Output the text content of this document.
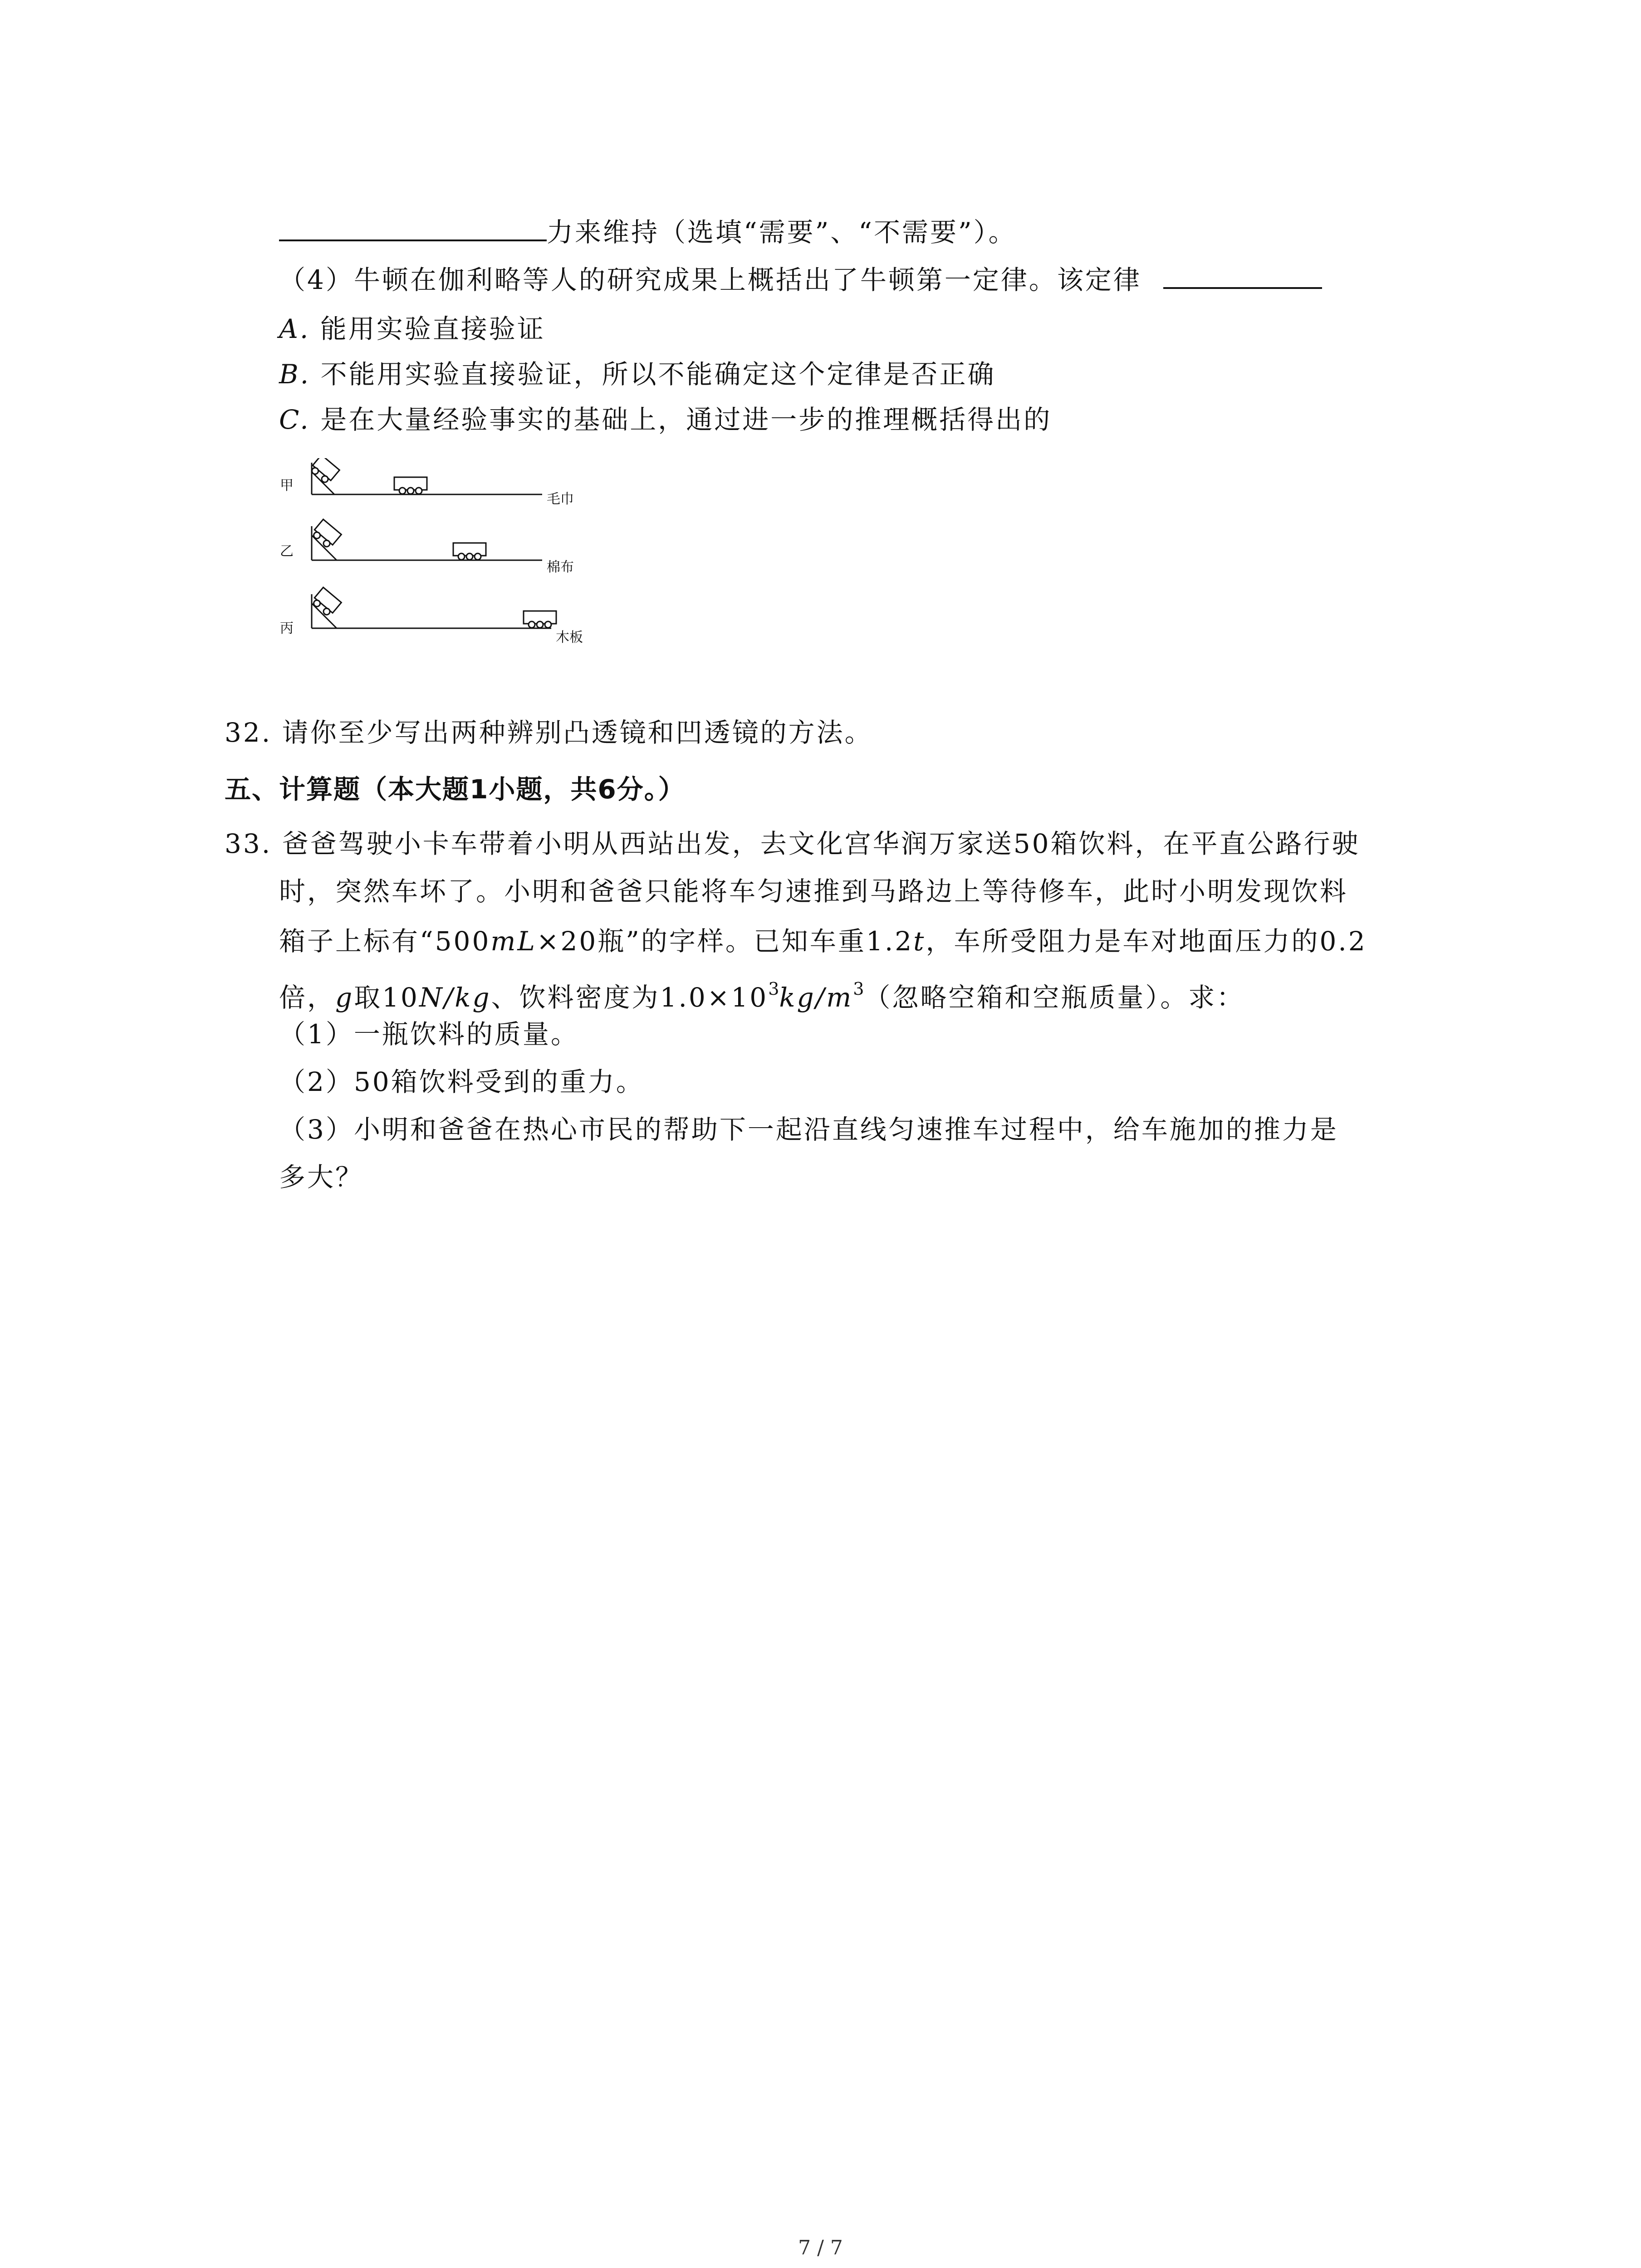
力来维持（选填“需要”、“不需要”）。
（4）牛顿在伽利略等人的研究成果上概括出了牛顿第一定律。该定律
A. 能用实验直接验证
B. 不能用实验直接验证，所以不能确定这个定律是否正确
C. 是在大量经验事实的基础上，通过进一步的推理概括得出的
甲
毛巾
乙
棉布
丙
木板
32. 请你至少写出两种辨别凸透镜和凹透镜的方法。
五、计算题（本大题1小题，共6分。）
33. 爸爸驾驶小卡车带着小明从西站出发，去文化宫华润万家送50箱饮料，在平直公路行驶
时，突然车坏了。小明和爸爸只能将车匀速推到马路边上等待修车，此时小明发现饮料
箱子上标有“500mL×20瓶”的字样。已知车重1.2t，车所受阻力是车对地面压力的0.2
倍，g取10N/kg、饮料密度为$1.0\times 10^3kg/m^3$（忽略空箱和空瓶质量）。求：
（1）一瓶饮料的质量。
（2）50箱饮料受到的重力。
（3）小明和爸爸在热心市民的帮助下一起沿直线匀速推车过程中，给车施加的推力是
多大？
7 / 7
